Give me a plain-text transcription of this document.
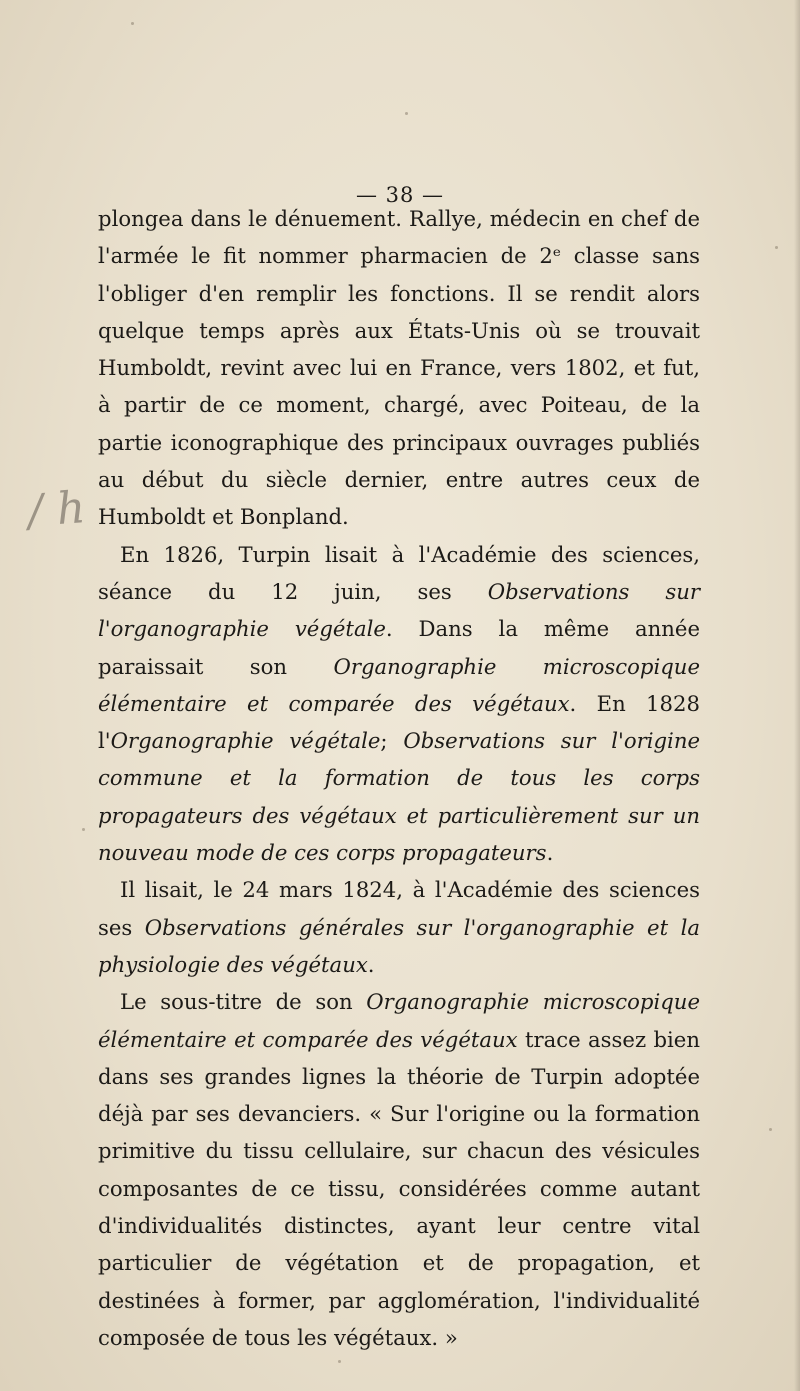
— 38 —
/ h

plongea dans le dénuement. Rallye, médecin en chef de l'armée le fit nommer pharmacien de 2ᵉ classe sans l'obliger d'en remplir les fonctions. Il se rendit alors quelque temps après aux États-Unis où se trouvait Humboldt, revint avec lui en France, vers 1802, et fut, à partir de ce moment, chargé, avec Poiteau, de la partie iconographique des principaux ouvrages publiés au début du siècle dernier, entre autres ceux de Humboldt et Bonpland.

En 1826, Turpin lisait à l'Académie des sciences, séance du 12 juin, ses Observations sur l'organographie végétale. Dans la même année paraissait son Organographie microscopique élémentaire et comparée des végétaux. En 1828 l'Organographie végétale; Observations sur l'origine commune et la formation de tous les corps propagateurs des végétaux et particulièrement sur un nouveau mode de ces corps propagateurs.

Il lisait, le 24 mars 1824, à l'Académie des sciences ses Observations générales sur l'organographie et la physiologie des végétaux.

Le sous-titre de son Organographie microscopique élémentaire et comparée des végétaux trace assez bien dans ses grandes lignes la théorie de Turpin adoptée déjà par ses devanciers. « Sur l'origine ou la formation primitive du tissu cellulaire, sur chacun des vésicules composantes de ce tissu, considérées comme autant d'individualités distinctes, ayant leur centre vital particulier de végétation et de propagation, et destinées à former, par agglomération, l'individualité composée de tous les végétaux. »
